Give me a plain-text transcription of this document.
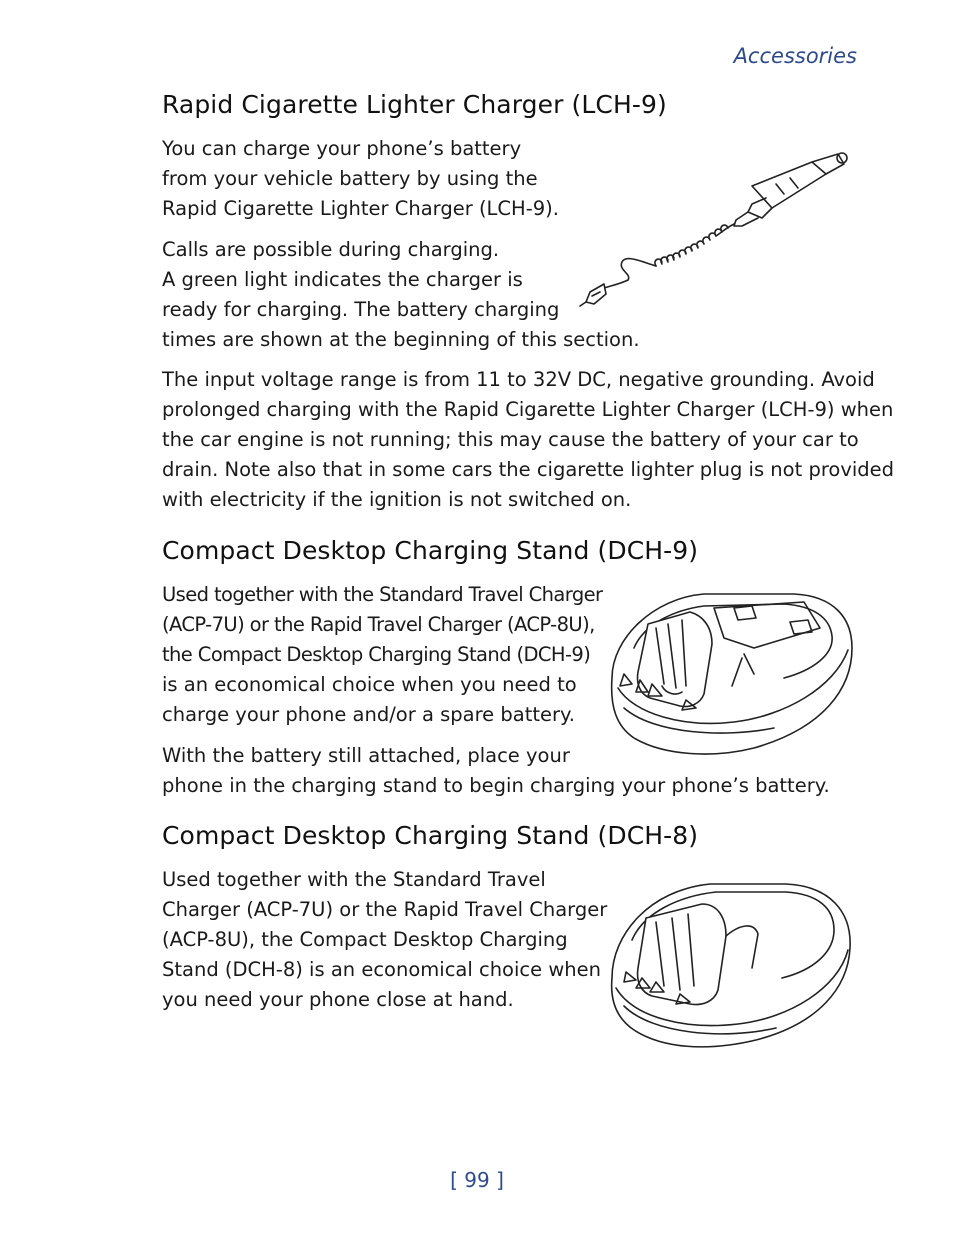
Accessories
Rapid Cigarette Lighter Charger (LCH-9)

You can charge your phone’s battery
from your vehicle battery by using the
Rapid Cigarette Lighter Charger (LCH-9).

Calls are possible during charging.
A green light indicates the charger is
ready for charging. The battery charging
times are shown at the beginning of this section.

The input voltage range is from 11 to 32V DC, negative grounding. Avoid
prolonged charging with the Rapid Cigarette Lighter Charger (LCH-9) when
the car engine is not running; this may cause the battery of your car to
drain. Note also that in some cars the cigarette lighter plug is not provided
with electricity if the ignition is not switched on.

Compact Desktop Charging Stand (DCH-9)

Used together with the Standard Travel Charger
(ACP-7U) or the Rapid Travel Charger (ACP-8U),
the Compact Desktop Charging Stand (DCH-9)
is an economical choice when you need to
charge your phone and/or a spare battery.

With the battery still attached, place your
phone in the charging stand to begin charging your phone’s battery.

Compact Desktop Charging Stand (DCH-8)

Used together with the Standard Travel
Charger (ACP-7U) or the Rapid Travel Charger
(ACP-8U), the Compact Desktop Charging
Stand (DCH-8) is an economical choice when
you need your phone close at hand.

[ 99 ]
